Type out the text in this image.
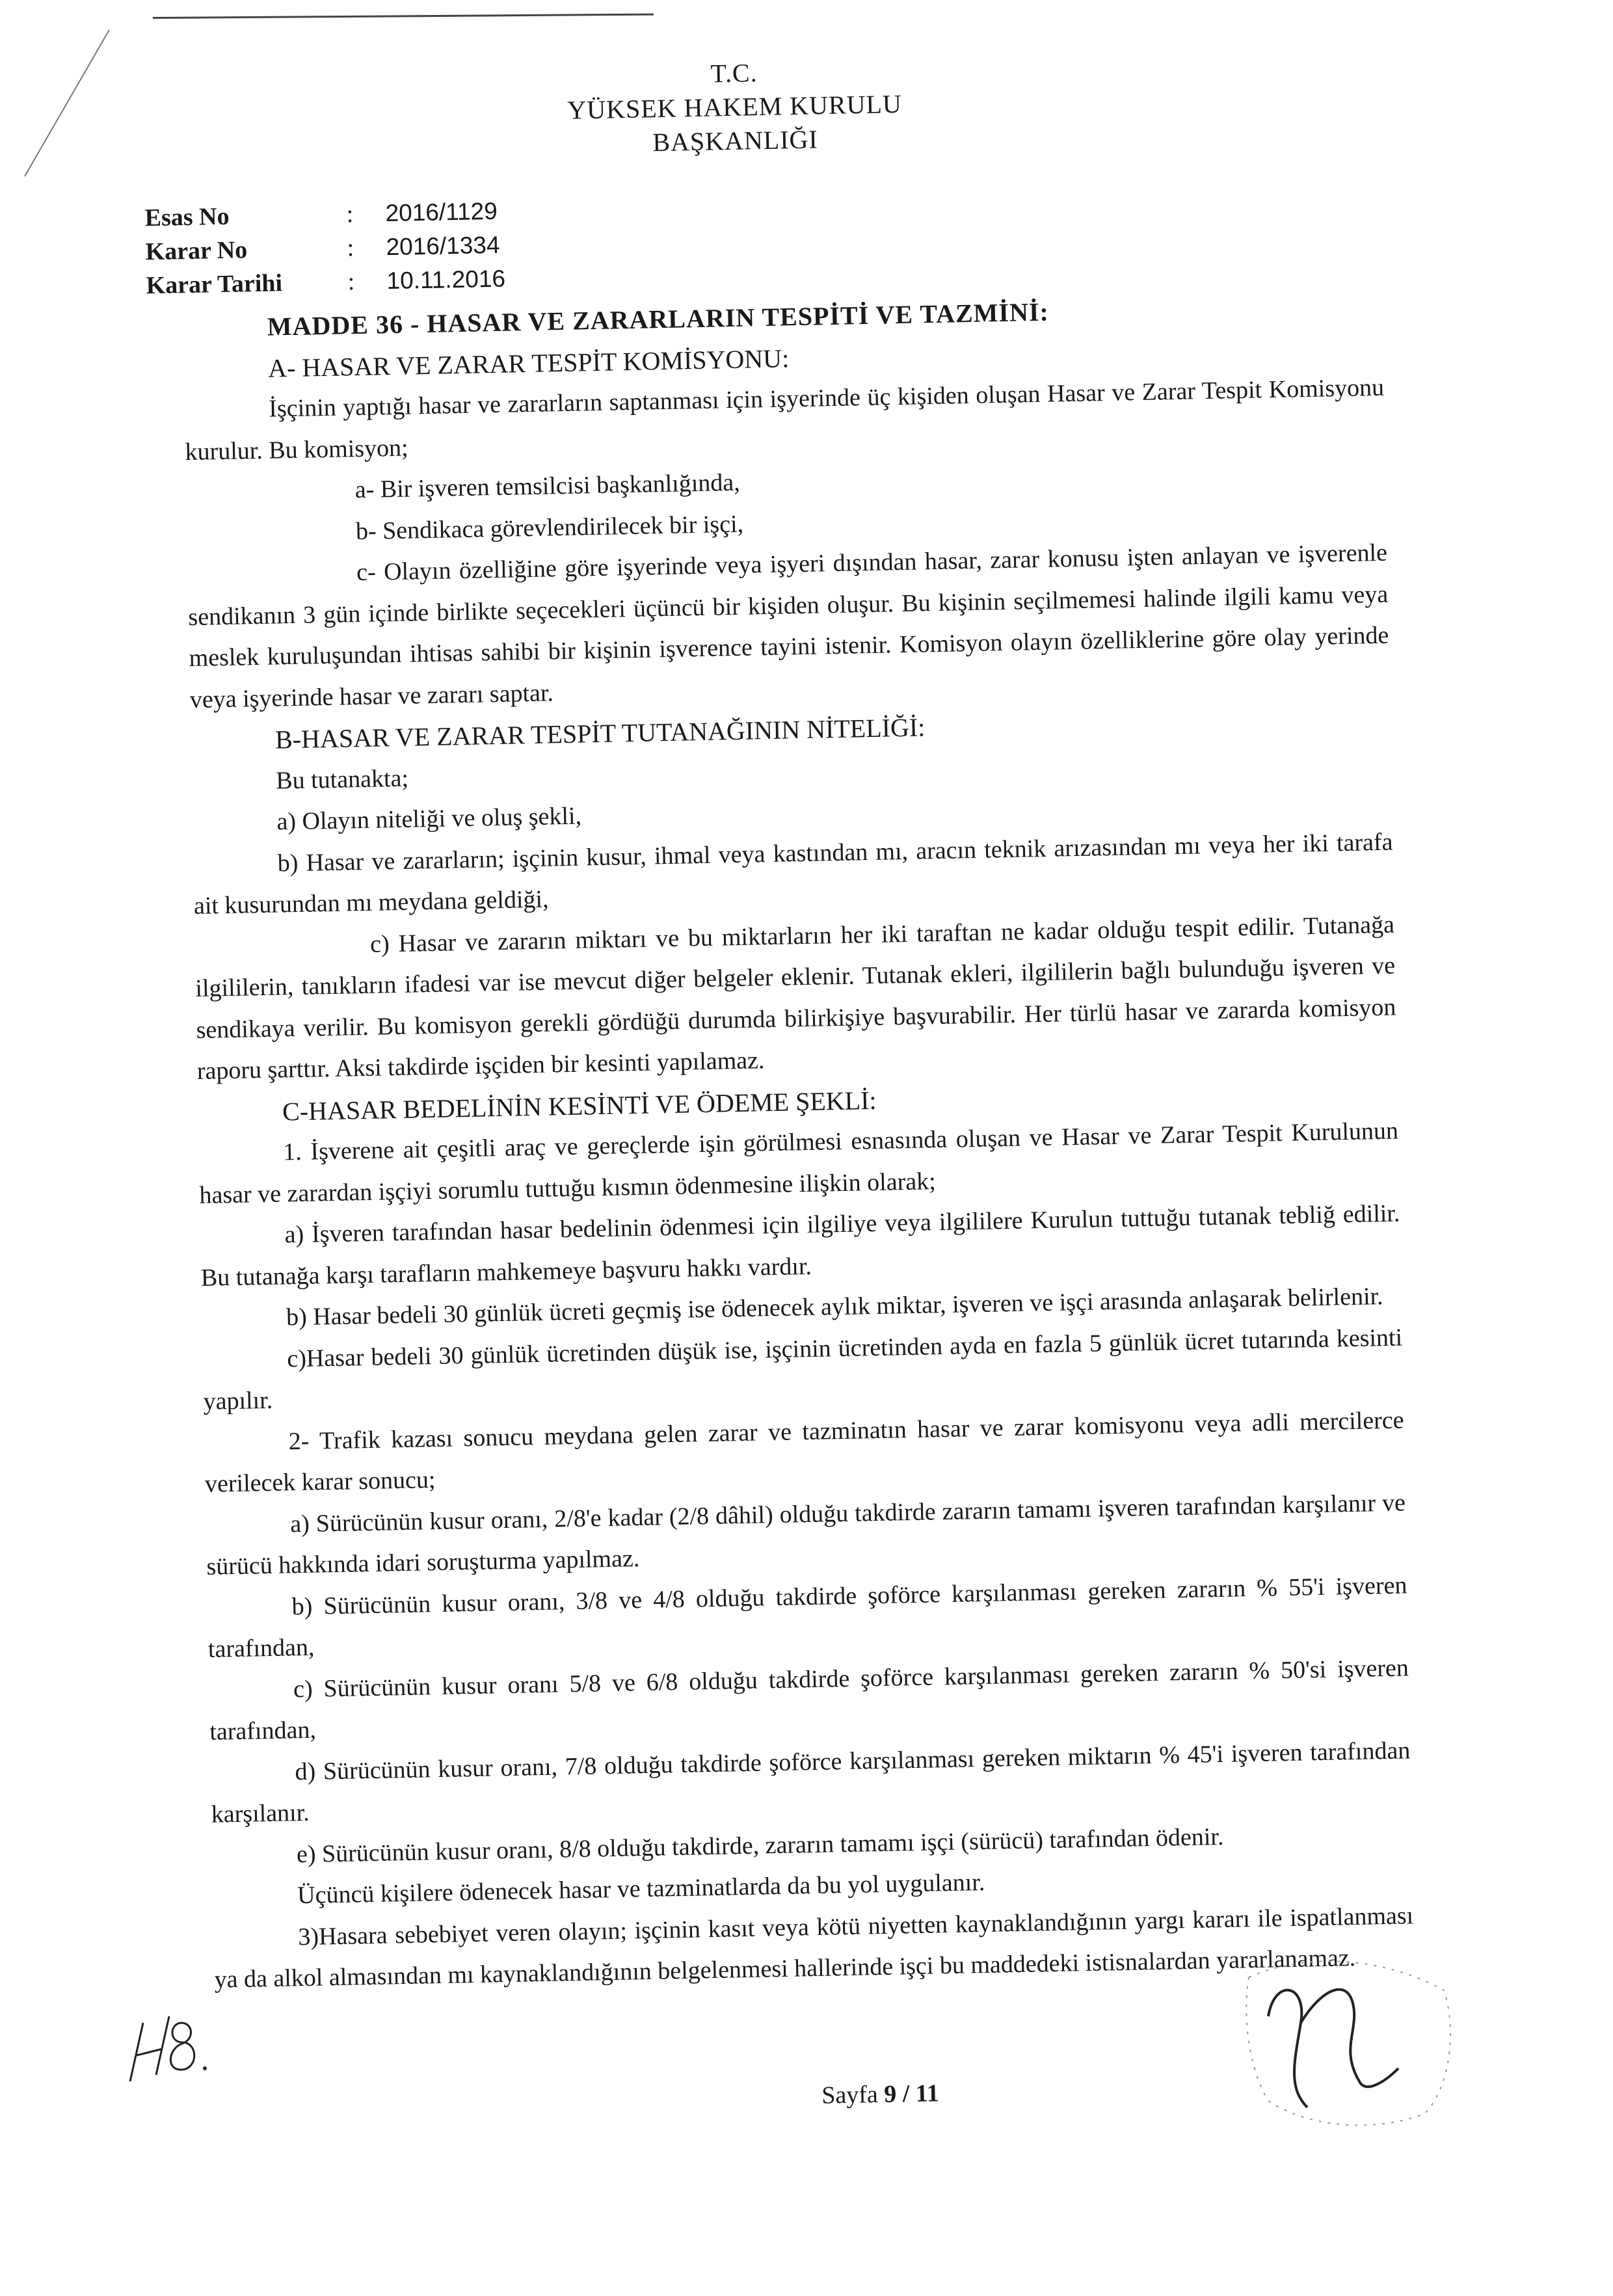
T.C.
YÜKSEK HAKEM KURULU
BAŞKANLIĞI
Esas No	:	2016/1129
Karar No	:	2016/1334
Karar Tarihi	:	10.11.2016

MADDE 36 - HASAR VE ZARARLARIN TESPİTİ VE TAZMİNİ:

A- HASAR VE ZARAR TESPİT KOMİSYONU:

İşçinin yaptığı hasar ve zararların saptanması için işyerinde üç kişiden oluşan Hasar ve Zarar Tespit Komisyonu kurulur. Bu komisyon;

a- Bir işveren temsilcisi başkanlığında,

b- Sendikaca görevlendirilecek bir işçi,

c- Olayın özelliğine göre işyerinde veya işyeri dışından hasar, zarar konusu işten anlayan ve işverenle sendikanın 3 gün içinde birlikte seçecekleri üçüncü bir kişiden oluşur. Bu kişinin seçilmemesi halinde ilgili kamu veya meslek kuruluşundan ihtisas sahibi bir kişinin işverence tayini istenir. Komisyon olayın özelliklerine göre olay yerinde veya işyerinde hasar ve zararı saptar.

B-HASAR VE ZARAR TESPİT TUTANAĞININ NİTELİĞİ:

Bu tutanakta;

a) Olayın niteliği ve oluş şekli,

b) Hasar ve zararların; işçinin kusur, ihmal veya kastından mı, aracın teknik arızasından mı veya her iki tarafa ait kusurundan mı meydana geldiği,

c) Hasar ve zararın miktarı ve bu miktarların her iki taraftan ne kadar olduğu tespit edilir. Tutanağa ilgililerin, tanıkların ifadesi var ise mevcut diğer belgeler eklenir. Tutanak ekleri, ilgililerin bağlı bulunduğu işveren ve sendikaya verilir. Bu komisyon gerekli gördüğü durumda bilirkişiye başvurabilir. Her türlü hasar ve zararda komisyon raporu şarttır. Aksi takdirde işçiden bir kesinti yapılamaz.

C-HASAR BEDELİNİN KESİNTİ VE ÖDEME ŞEKLİ:

1. İşverene ait çeşitli araç ve gereçlerde işin görülmesi esnasında oluşan ve Hasar ve Zarar Tespit Kurulunun hasar ve zarardan işçiyi sorumlu tuttuğu kısmın ödenmesine ilişkin olarak;

a) İşveren tarafından hasar bedelinin ödenmesi için ilgiliye veya ilgililere Kurulun tuttuğu tutanak tebliğ edilir. Bu tutanağa karşı tarafların mahkemeye başvuru hakkı vardır.

b) Hasar bedeli 30 günlük ücreti geçmiş ise ödenecek aylık miktar, işveren ve işçi arasında anlaşarak belirlenir.

c)Hasar bedeli 30 günlük ücretinden düşük ise, işçinin ücretinden ayda en fazla 5 günlük ücret tutarında kesinti yapılır.

2- Trafik kazası sonucu meydana gelen zarar ve tazminatın hasar ve zarar komisyonu veya adli mercilerce verilecek karar sonucu;

a) Sürücünün kusur oranı, 2/8'e kadar (2/8 dâhil) olduğu takdirde zararın tamamı işveren tarafından karşılanır ve sürücü hakkında idari soruşturma yapılmaz.

b) Sürücünün kusur oranı, 3/8 ve 4/8 olduğu takdirde şoförce karşılanması gereken zararın % 55'i işveren tarafından,

c) Sürücünün kusur oranı 5/8 ve 6/8 olduğu takdirde şoförce karşılanması gereken zararın % 50'si işveren tarafından,

d) Sürücünün kusur oranı, 7/8 olduğu takdirde şoförce karşılanması gereken miktarın % 45'i işveren tarafından karşılanır.

e) Sürücünün kusur oranı, 8/8 olduğu takdirde, zararın tamamı işçi (sürücü) tarafından ödenir.

Üçüncü kişilere ödenecek hasar ve tazminatlarda da bu yol uygulanır.

3)Hasara sebebiyet veren olayın; işçinin kasıt veya kötü niyetten kaynaklandığının yargı kararı ile ispatlanması ya da alkol almasından mı kaynaklandığının belgelenmesi hallerinde işçi bu maddedeki istisnalardan yararlanamaz.

Sayfa 9 / 11
